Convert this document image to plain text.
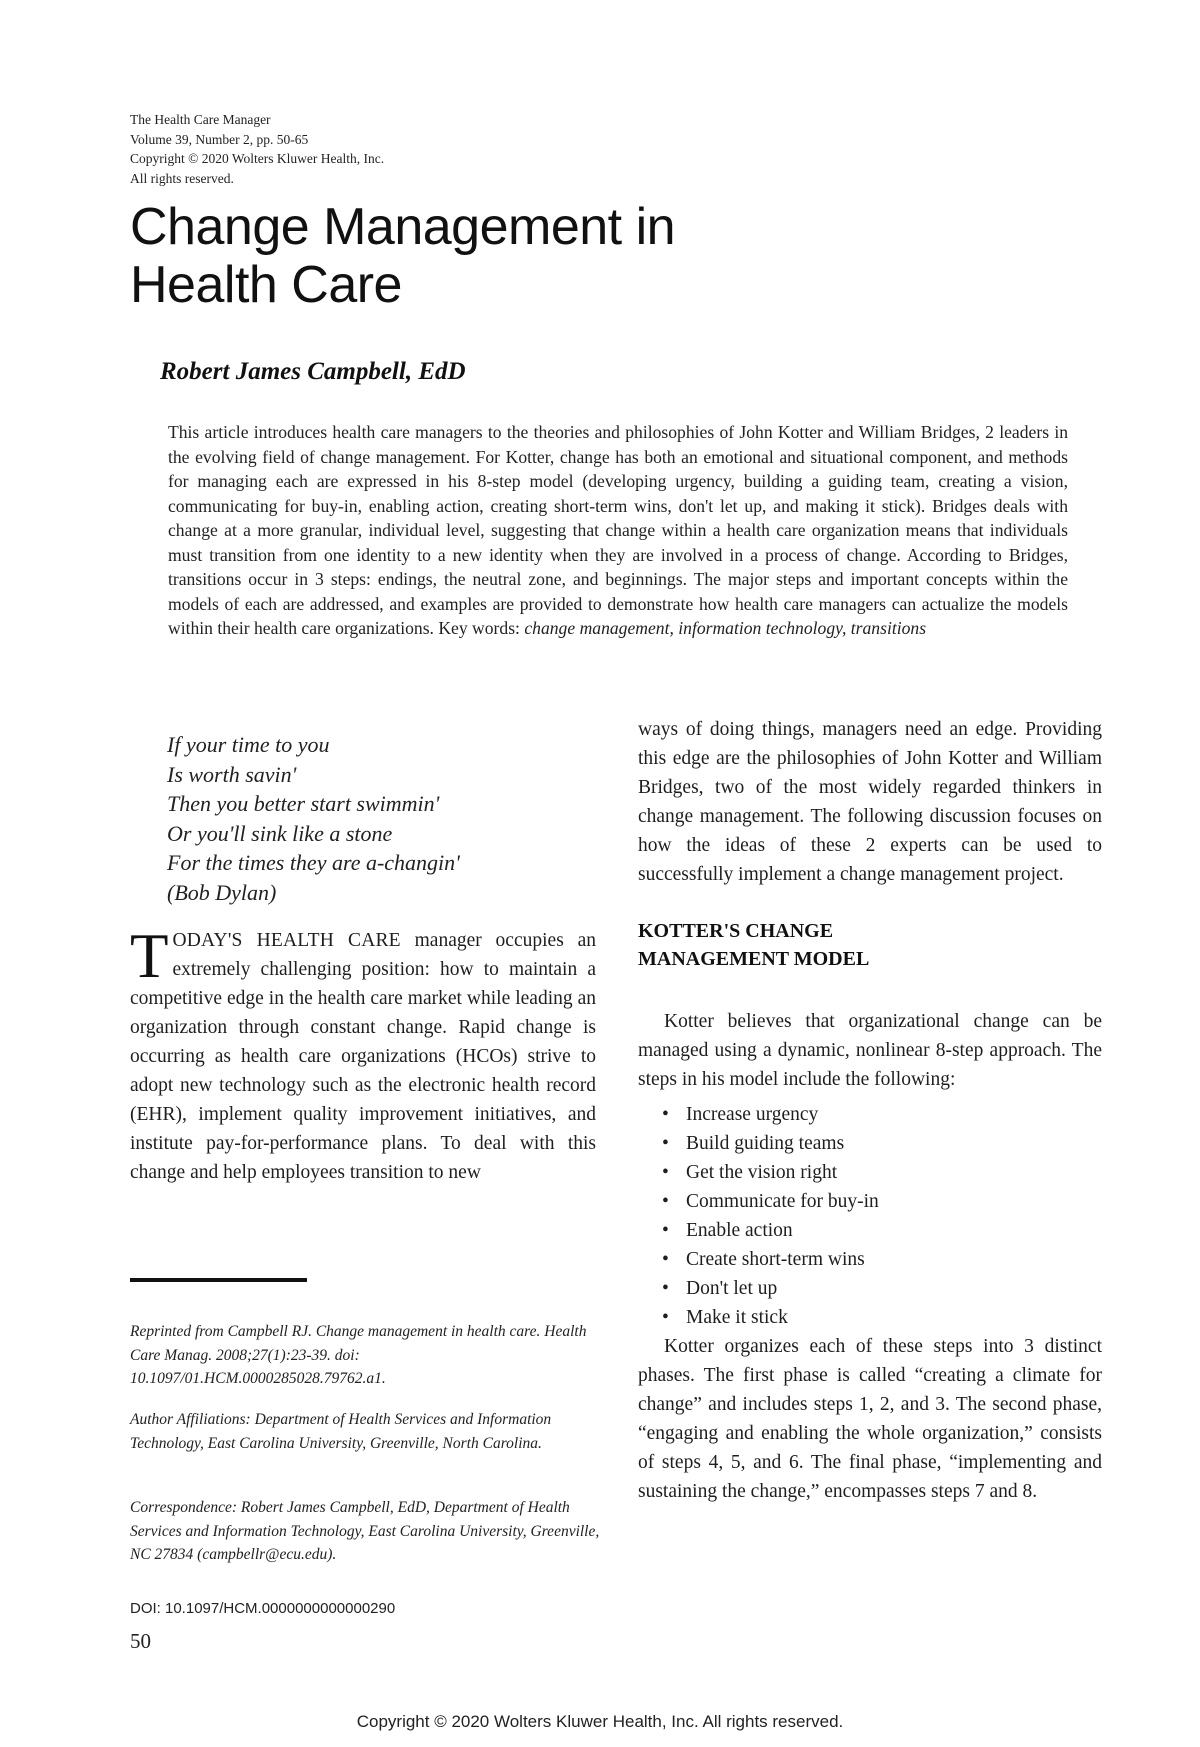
The Health Care Manager
Volume 39, Number 2, pp. 50-65
Copyright © 2020 Wolters Kluwer Health, Inc.
All rights reserved.
Change Management in
Health Care
Robert James Campbell, EdD
This article introduces health care managers to the theories and philosophies of John Kotter and William Bridges, 2 leaders in the evolving field of change management. For Kotter, change has both an emotional and situational component, and methods for managing each are expressed in his 8-step model (developing urgency, building a guiding team, creating a vision, communicating for buy-in, enabling action, creating short-term wins, don't let up, and making it stick). Bridges deals with change at a more granular, individual level, suggesting that change within a health care organization means that individuals must transition from one identity to a new identity when they are involved in a process of change. According to Bridges, transitions occur in 3 steps: endings, the neutral zone, and beginnings. The major steps and important concepts within the models of each are addressed, and examples are provided to demonstrate how health care managers can actualize the models within their health care organizations. Key words: change management, information technology, transitions
If your time to you
Is worth savin'
Then you better start swimmin'
Or you'll sink like a stone
For the times they are a-changin'
(Bob Dylan)

TODAY'S HEALTH CARE manager occupies an extremely challenging position: how to maintain a competitive edge in the health care market while leading an organization through constant change. Rapid change is occurring as health care organizations (HCOs) strive to adopt new technology such as the electronic health record (EHR), implement quality improvement initiatives, and institute pay-for-performance plans. To deal with this change and help employees transition to new

Reprinted from Campbell RJ. Change management in health care. Health Care Manag. 2008;27(1):23-39. doi: 10.1097/01.HCM.0000285028.79762.a1.
Author Affiliations: Department of Health Services and Information Technology, East Carolina University, Greenville, North Carolina.
Correspondence: Robert James Campbell, EdD, Department of Health Services and Information Technology, East Carolina University, Greenville, NC 27834 (campbellr@ecu.edu).
DOI: 10.1097/HCM.0000000000000290
50

ways of doing things, managers need an edge. Providing this edge are the philosophies of John Kotter and William Bridges, two of the most widely regarded thinkers in change management. The following discussion focuses on how the ideas of these 2 experts can be used to successfully implement a change management project.

KOTTER'S CHANGE
MANAGEMENT MODEL

Kotter believes that organizational change can be managed using a dynamic, nonlinear 8-step approach. The steps in his model include the following:

• Increase urgency
• Build guiding teams
• Get the vision right
• Communicate for buy-in
• Enable action
• Create short-term wins
• Don't let up
• Make it stick

Kotter organizes each of these steps into 3 distinct phases. The first phase is called “creating a climate for change” and includes steps 1, 2, and 3. The second phase, “engaging and enabling the whole organization,” consists of steps 4, 5, and 6. The final phase, “implementing and sustaining the change,” encompasses steps 7 and 8.

Copyright © 2020 Wolters Kluwer Health, Inc. All rights reserved.
